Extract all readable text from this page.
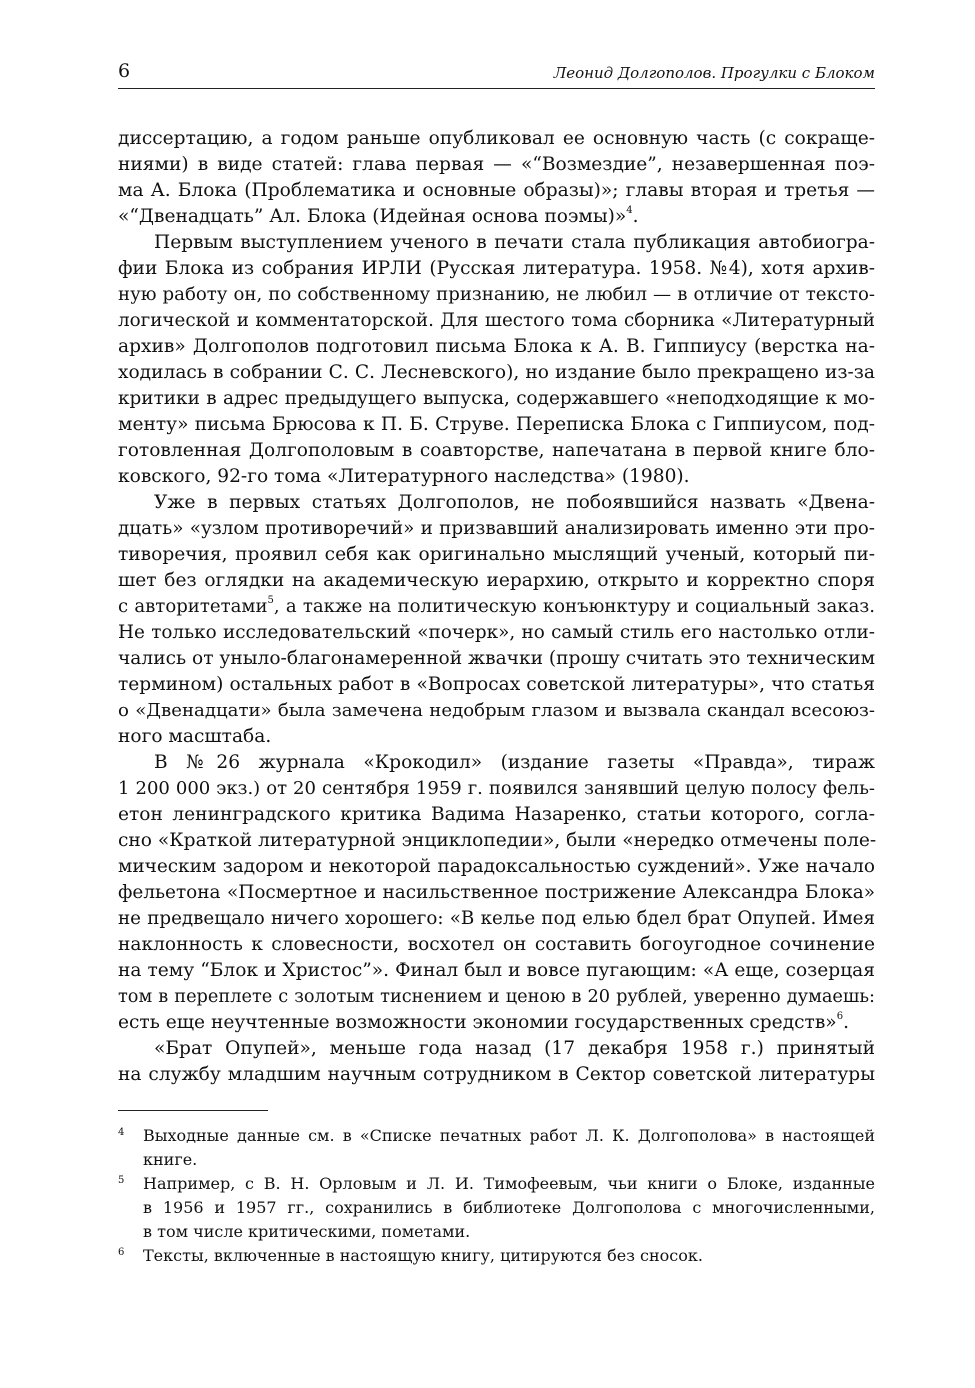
6	Леонид Долгополов. Прогулки с Блоком
диссертацию, а годом раньше опубликовал ее основную часть (с сокраще-
ниями) в виде статей: глава первая — «“Возмездие”, незавершенная поэ-
ма А. Блока (Проблематика и основные образы)»; главы вторая и третья —
«“Двенадцать” Ал. Блока (Идейная основа поэмы)»$^4$.
Первым выступлением ученого в печати стала публикация автобиогра-
фии Блока из собрания ИРЛИ (Русская литература. 1958. №4), хотя архив-
ную работу он, по собственному признанию, не любил — в отличие от тексто-
логической и комментаторской. Для шестого тома сборника «Литературный
архив» Долгополов подготовил письма Блока к А. В. Гиппиусу (верстка на-
ходилась в собрании С. С. Лесневского), но издание было прекращено из-за
критики в адрес предыдущего выпуска, содержавшего «неподходящие к мо-
менту» письма Брюсова к П. Б. Струве. Переписка Блока с Гиппиусом, под-
готовленная Долгополовым в соавторстве, напечатана в первой книге бло-
ковского, 92-го тома «Литературного наследства» (1980).
Уже в первых статьях Долгополов, не побоявшийся назвать «Двена-
дцать» «узлом противоречий» и призвавший анализировать именно эти про-
тиворечия, проявил себя как оригинально мыслящий ученый, который пи-
шет без оглядки на академическую иерархию, открыто и корректно споря
с авторитетами$^5$, а также на политическую конъюнктуру и социальный заказ.
Не только исследовательский «почерк», но самый стиль его настолько отли-
чались от уныло-благонамеренной жвачки (прошу считать это техническим
термином) остальных работ в «Вопросах советской литературы», что статья
о «Двенадцати» была замечена недобрым глазом и вызвала скандал всесоюз-
ного масштаба.
В №26 журнала «Крокодил» (издание газеты «Правда», тираж
1 200 000 экз.) от 20 сентября 1959 г. появился занявший целую полосу фель-
етон ленинградского критика Вадима Назаренко, статьи которого, согла-
сно «Краткой литературной энциклопедии», были «нередко отмечены поле-
мическим задором и некоторой парадоксальностью суждений». Уже начало
фельетона «Посмертное и насильственное пострижение Александра Блока»
не предвещало ничего хорошего: «В келье под елью бдел брат Опупей. Имея
наклонность к словесности, восхотел он составить богоугодное сочинение
на тему “Блок и Христос”». Финал был и вовсе пугающим: «А еще, созерцая
том в переплете с золотым тиснением и ценою в 20 рублей, уверенно думаешь:
есть еще неучтенные возможности экономии государственных средств»$^6$.
«Брат Опупей», меньше года назад (17 декабря 1958 г.) принятый
на службу младшим научным сотрудником в Сектор советской литературы
4 Выходные данные см. в «Списке печатных работ Л. К. Долгополова» в настоящей
книге.
5 Например, с В. Н. Орловым и Л. И. Тимофеевым, чьи книги о Блоке, изданные
в 1956 и 1957 гг., сохранились в библиотеке Долгополова с многочисленными,
в том числе критическими, пометами.
6 Тексты, включенные в настоящую книгу, цитируются без сносок.
